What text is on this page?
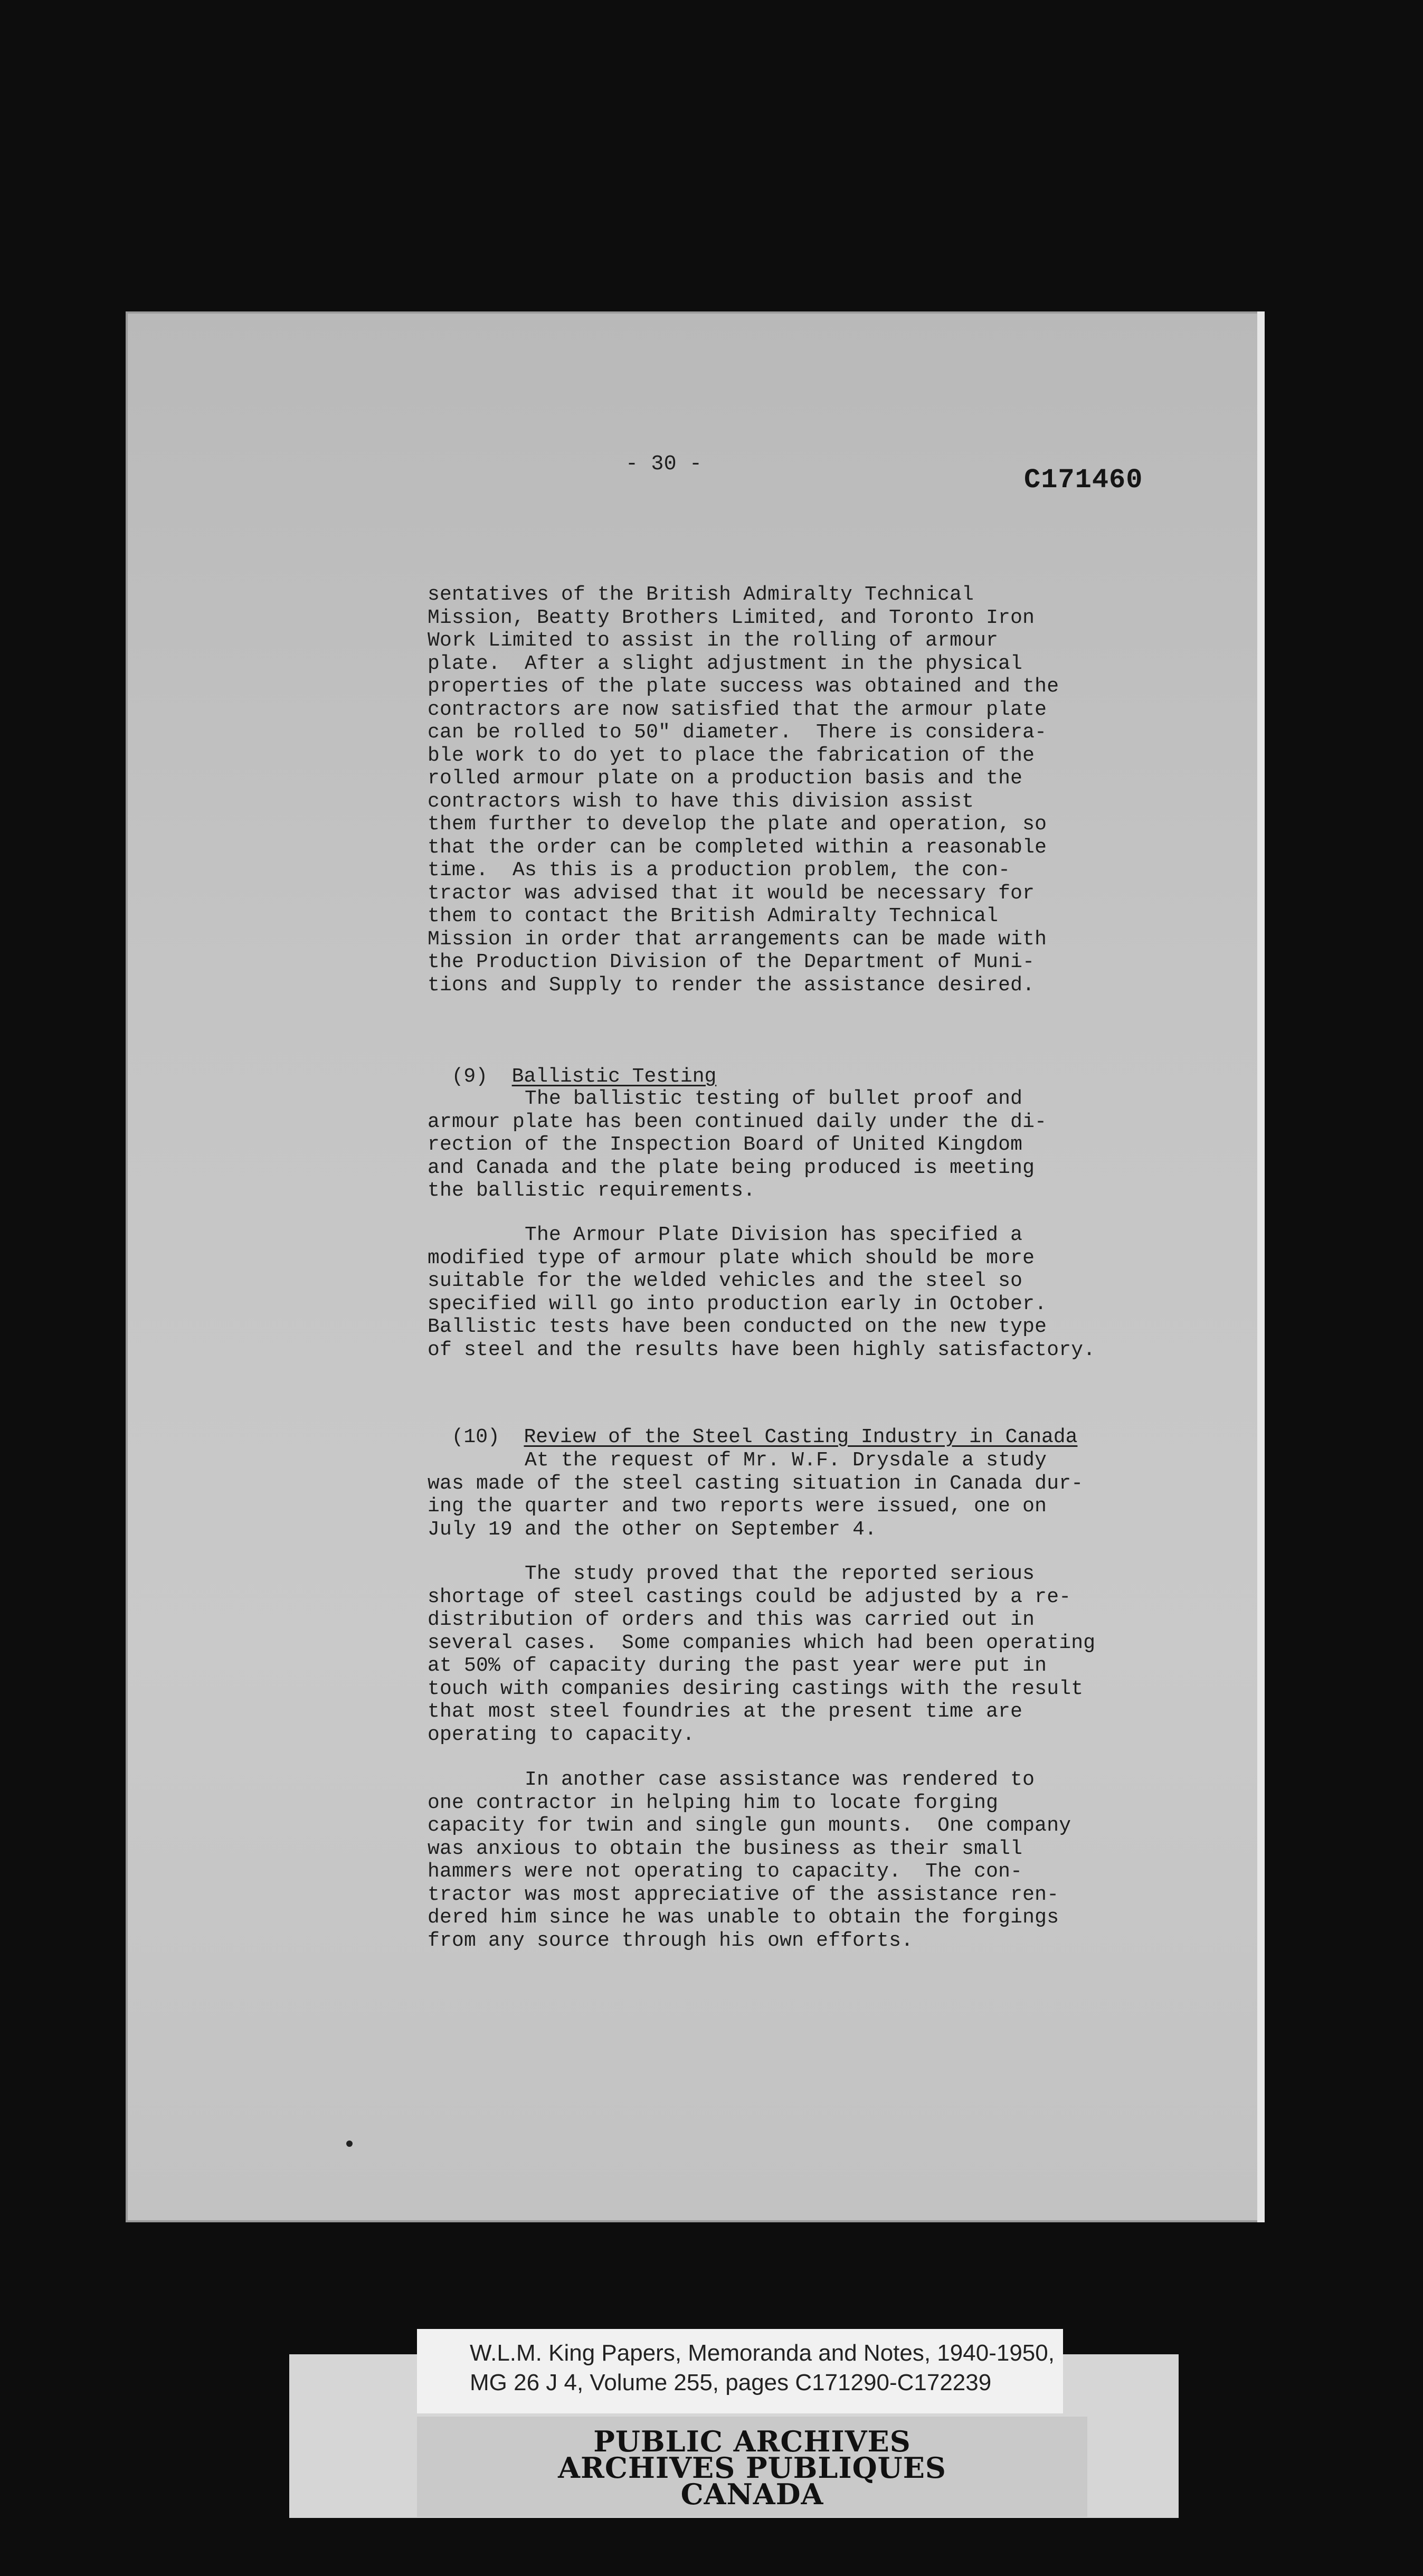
- 30 -
C171460
sentatives of the British Admiralty Technical
Mission, Beatty Brothers Limited, and Toronto Iron
Work Limited to assist in the rolling of armour
plate.  After a slight adjustment in the physical
properties of the plate success was obtained and the
contractors are now satisfied that the armour plate
can be rolled to 50" diameter.  There is considera-
ble work to do yet to place the fabrication of the
rolled armour plate on a production basis and the
contractors wish to have this division assist
them further to develop the plate and operation, so
that the order can be completed within a reasonable
time.  As this is a production problem, the con-
tractor was advised that it would be necessary for
them to contact the British Admiralty Technical
Mission in order that arrangements can be made with
the Production Division of the Department of Muni-
tions and Supply to render the assistance desired.

(9) Ballistic Testing

The ballistic testing of bullet proof and
armour plate has been continued daily under the di-
rection of the Inspection Board of United Kingdom
and Canada and the plate being produced is meeting
the ballistic requirements.
The Armour Plate Division has specified a
modified type of armour plate which should be more
suitable for the welded vehicles and the steel so
specified will go into production early in October.
Ballistic tests have been conducted on the new type
of steel and the results have been highly satisfactory.

(10) Review of the Steel Casting Industry in Canada

At the request of Mr. W.F. Drysdale a study
was made of the steel casting situation in Canada dur-
ing the quarter and two reports were issued, one on
July 19 and the other on September 4.
The study proved that the reported serious
shortage of steel castings could be adjusted by a re-
distribution of orders and this was carried out in
several cases.  Some companies which had been operating
at 50% of capacity during the past year were put in
touch with companies desiring castings with the result
that most steel foundries at the present time are
operating to capacity.
In another case assistance was rendered to
one contractor in helping him to locate forging
capacity for twin and single gun mounts.  One company
was anxious to obtain the business as their small
hammers were not operating to capacity.  The con-
tractor was most appreciative of the assistance ren-
dered him since he was unable to obtain the forgings
from any source through his own efforts.
W.L.M. King Papers, Memoranda and Notes, 1940-1950,
MG 26 J 4, Volume 255, pages C171290-C172239
PUBLIC ARCHIVES
ARCHIVES PUBLIQUES
CANADA
